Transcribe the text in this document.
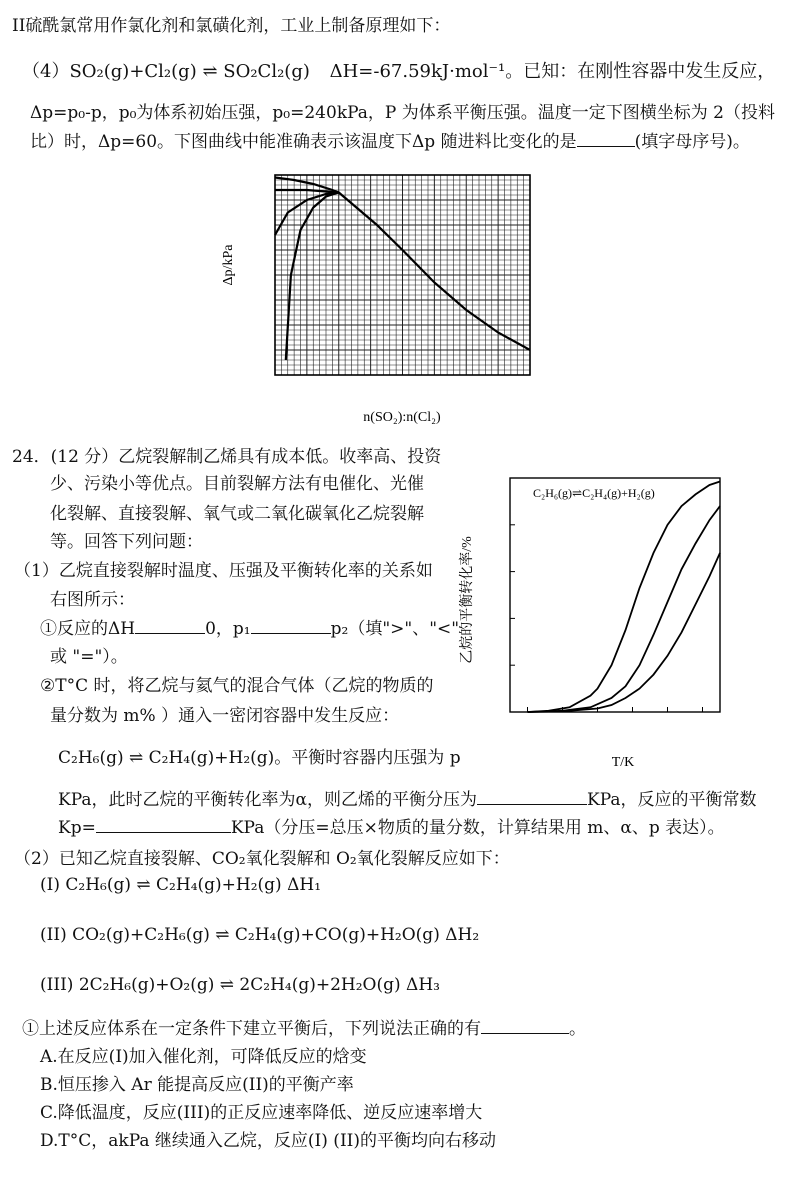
II硫酰氯常用作氯化剂和氯磺化剂，工业上制备原理如下：
（4）SO₂(g)+Cl₂(g) ⇌ SO₂Cl₂(g) ΔH=-67.59kJ·mol⁻¹。已知：在刚性容器中发生反应，
Δp=p₀-p，p₀为体系初始压强，p₀=240kPa，P 为体系平衡压强。温度一定下图横坐标为 2（投料
比）时，Δp=60。下图曲线中能准确表示该温度下Δp 随进料比变化的是	(填字母序号)。
Δp/kPa
n(SO₂):n(Cl₂)
24．(12 分）乙烷裂解制乙烯具有成本低。收率高、投资
少、污染小等优点。目前裂解方法有电催化、光催
化裂解、直接裂解、氧气或二氧化碳氧化乙烷裂解
等。回答下列问题：
（1）乙烷直接裂解时温度、压强及平衡转化率的关系如
右图所示：
①反应的ΔH	0，p₁	p₂（填">"、"<"
或 "="）。
②T°C 时，将乙烷与氦气的混合气体（乙烷的物质的
量分数为 m% ）通入一密闭容器中发生反应：
C₂H₆(g) ⇌ C₂H₄(g)+H₂(g)。平衡时容器内压强为 p
KPa，此时乙烷的平衡转化率为α，则乙烯的平衡分压为	KPa，反应的平衡常数
Kp=	KPa（分压=总压×物质的量分数，计算结果用 m、α、p 表达）。
（2）已知乙烷直接裂解、CO₂氧化裂解和 O₂氧化裂解反应如下：
(I) C₂H₆(g) ⇌ C₂H₄(g)+H₂(g) ΔH₁
(II) CO₂(g)+C₂H₆(g) ⇌ C₂H₄(g)+CO(g)+H₂O(g) ΔH₂
(III) 2C₂H₆(g)+O₂(g) ⇌ 2C₂H₄(g)+2H₂O(g) ΔH₃
①上述反应体系在一定条件下建立平衡后，下列说法正确的有	。
A.在反应(I)加入催化剂，可降低反应的焓变
B.恒压掺入 Ar 能提高反应(II)的平衡产率
C.降低温度，反应(III)的正反应速率降低、逆反应速率增大
D.T°C，akPa 继续通入乙烷，反应(I) (II)的平衡均向右移动
C₂H₆(g)⇌C₂H₄(g)+H₂(g)
乙烷的平衡转化率/%
T/K
